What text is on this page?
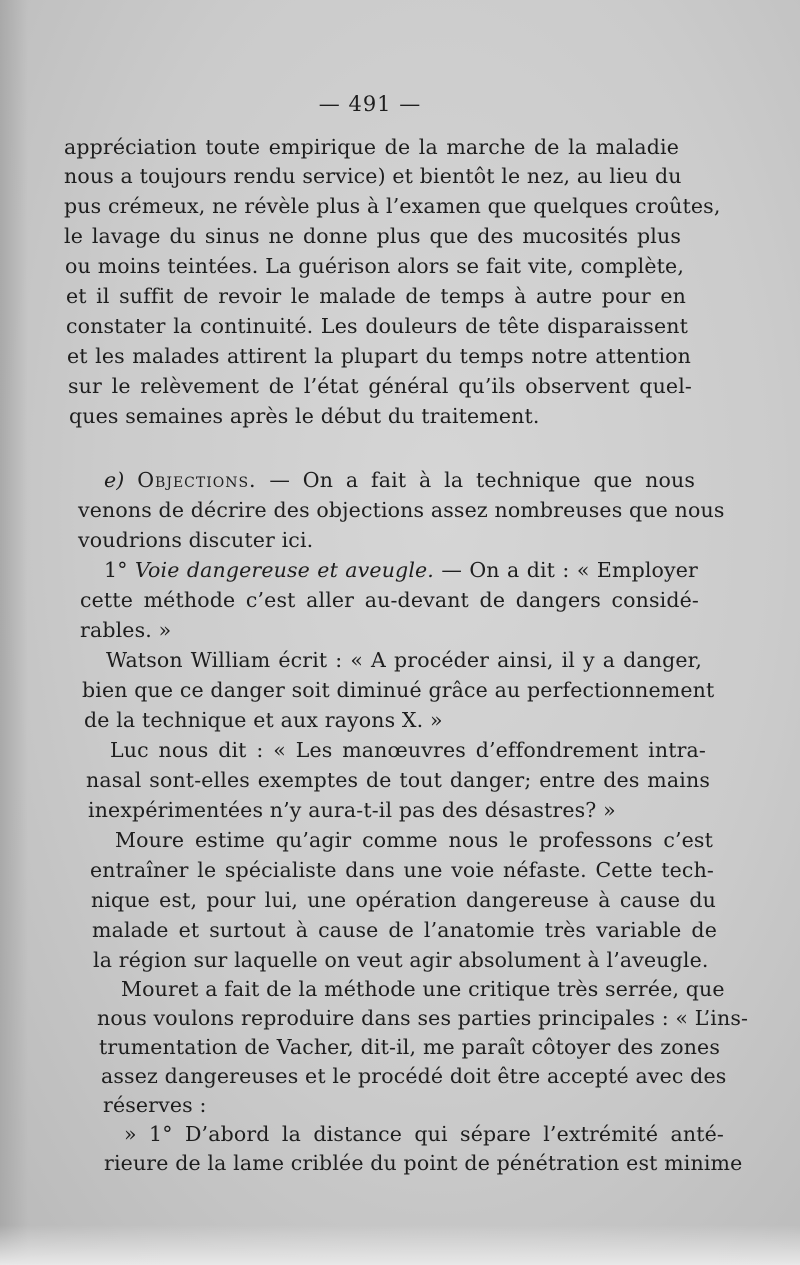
— 491 —
appréciation toute empirique de la marche de la maladie
nous a toujours rendu service) et bientôt le nez, au lieu du
pus crémeux, ne révèle plus à l’examen que quelques croûtes,
le lavage du sinus ne donne plus que des mucosités plus
ou moins teintées. La guérison alors se fait vite, complète,
et il suffit de revoir le malade de temps à autre pour en
constater la continuité. Les douleurs de tête disparaissent
et les malades attirent la plupart du temps notre attention
sur le relèvement de l’état général qu’ils observent quel-
ques semaines après le début du traitement.
e) Objections. — On a fait à la technique que nous
venons de décrire des objections assez nombreuses que nous
voudrions discuter ici.
1° Voie dangereuse et aveugle. — On a dit : « Employer
cette méthode c’est aller au-devant de dangers considé-
rables. »
Watson William écrit : « A procéder ainsi, il y a danger,
bien que ce danger soit diminué grâce au perfectionnement
de la technique et aux rayons X. »
Luc nous dit : « Les manœuvres d’effondrement intra-
nasal sont-elles exemptes de tout danger; entre des mains
inexpérimentées n’y aura-t-il pas des désastres? »
Moure estime qu’agir comme nous le professons c’est
entraîner le spécialiste dans une voie néfaste. Cette tech-
nique est, pour lui, une opération dangereuse à cause du
malade et surtout à cause de l’anatomie très variable de
la région sur laquelle on veut agir absolument à l’aveugle.
Mouret a fait de la méthode une critique très serrée, que
nous voulons reproduire dans ses parties principales : « L’ins-
trumentation de Vacher, dit-il, me paraît côtoyer des zones
assez dangereuses et le procédé doit être accepté avec des
réserves :
» 1° D’abord la distance qui sépare l’extrémité anté-
rieure de la lame criblée du point de pénétration est minime
